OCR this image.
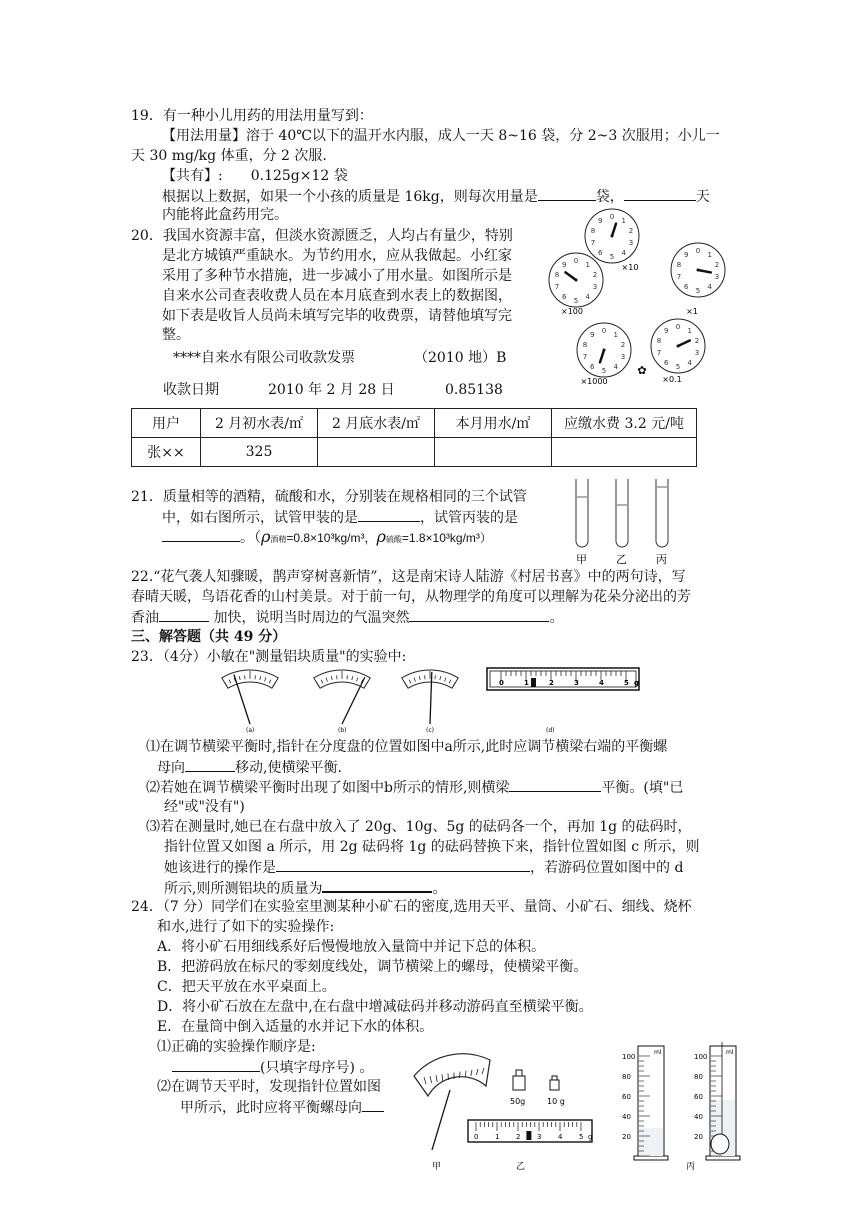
19．有一种小儿用药的用法用量写到：
【用法用量】溶于 40℃以下的温开水内服，成人一天 8~16 袋，分 2~3 次服用；小儿一
天 30 mg/kg 体重，分 2 次服.
【共有】:　　0.125g×12 袋
根据以上数据，如果一个小孩的质量是 16kg，则每次用量是	袋，	天
内能将此盒药用完。
20．我国水资源丰富，但淡水资源匮乏，人均占有量少，特别
是北方城镇严重缺水。为节约用水，应从我做起。小红家
采用了多种节水措施，进一步减小了用水量。如图所示是
自来水公司查表收费人员在本月底查到水表上的数据图，
如下表是收旨人员尚未填写完毕的收费票，请替他填写完
整。
****自来水有限公司收款发票	（2010 地）B
收款日期	2010 年 2 月 28 日	0.85138
用户	2 月初水表/㎡	2 月底水表/㎡	本月用水/㎡	应缴水费 3.2 元/吨
张××	325			
0 1
2
3
4
5
6
7
8
9
×10
0 1
2
3
4
5
6
7
8
9
×100
0 1
2
3
4
5
6
7
8
9
×1
0 1
2
3
4
5
6
7
8
9
×1000
0 1
2
3
4
5
6
7
8
9
×0.1
✿
21．质量相等的酒精，硫酸和水，分别装在规格相同的三个试管
中，如右图所示，试管甲装的是	，试管丙装的是
。（ρ酒精=0.8×10³kg/m³，ρ硫酸=1.8×10³kg/m³）
甲	乙	丙
22.“花气袭人知骤暖，鹊声穿树喜新情”，这是南宋诗人陆游《村居书喜》中的两句诗，写
春晴天暖，鸟语花香的山村美景。对于前一句，从物理学的角度可以理解为花朵分泌出的芳
香油	加快，说明当时周边的气温突然	。
三、解答题（共 49 分）
23．（4分）小敏在"测量铝块质量"的实验中:
(a)	(b)	(c)
0	1	2	3	4	5 g
(d)
⑴在调节横梁平衡时,指针在分度盘的位置如图中a所示,此时应调节横梁右端的平衡螺
母向	移动,使横梁平衡.
⑵若她在调节横梁平衡时出现了如图中b所示的情形,则横梁	平衡。(填"已
经"或"没有")
⑶若在测量时,她已在右盘中放入了 20g、10g、5g 的砝码各一个，再加 1g 的砝码时，
指针位置又如图 a 所示，用 2g 砝码将 1g 的砝码替换下来，指针位置如图 c 所示，则
她该进行的操作是	，若游码位置如图中的 d
所示,则所测铝块的质量为	。
24．（7 分）同学们在实验室里测某种小矿石的密度,选用天平、量筒、小矿石、细线、烧杯
和水,进行了如下的实验操作:
A．将小矿石用细线系好后慢慢地放入量筒中并记下总的体积。
B．把游码放在标尺的零刻度线处，调节横梁上的螺母，使横梁平衡。
C．把天平放在水平桌面上。
D．将小矿石放在左盘中,在右盘中增减砝码并移动游码直至横梁平衡。
E．在量筒中倒入适量的水并记下水的体积。
⑴正确的实验操作顺序是:
(只填字母序号) 。
⑵在调节天平时，发现指针位置如图
甲所示，此时应将平衡螺母向
甲
50g	10 g
0 1 2 3 4 5 g
乙
ml
100
80
60
40
20
ml
100
80
60
40
20
丙
